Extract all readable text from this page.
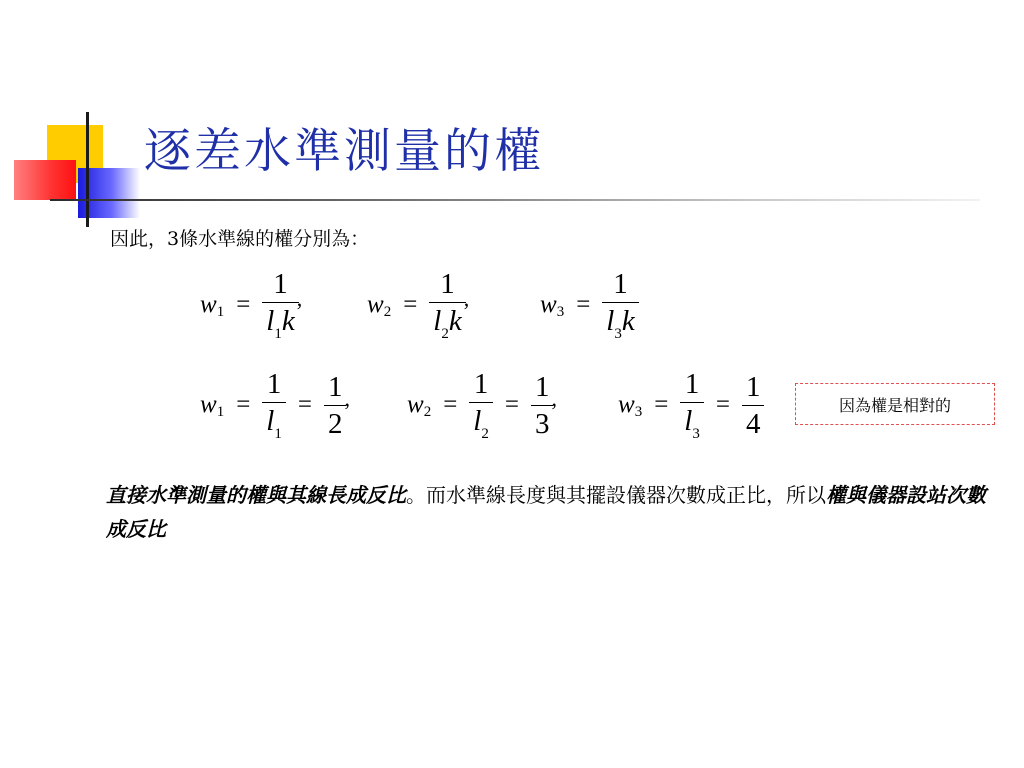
逐差水準測量的權
因此，3條水準線的權分別為：
w $1 = \frac{1}{l_1k}$
,	w $2 = \frac{1}{l_2k}$
,	w $3 = \frac{1}{l_3k}$
w $1 = \frac{1}{l_1} = \frac{1}{2}$
, w $2 = \frac{1}{l_2} = \frac{1}{3}$
, w $3 = \frac{1}{l_3} = \frac{1}{4}$	因為權是相對的
直接水準測量的權與其線長成反比。而水準線長度與其擺設儀器次數成正比，所以權與儀器設站次數成反比
